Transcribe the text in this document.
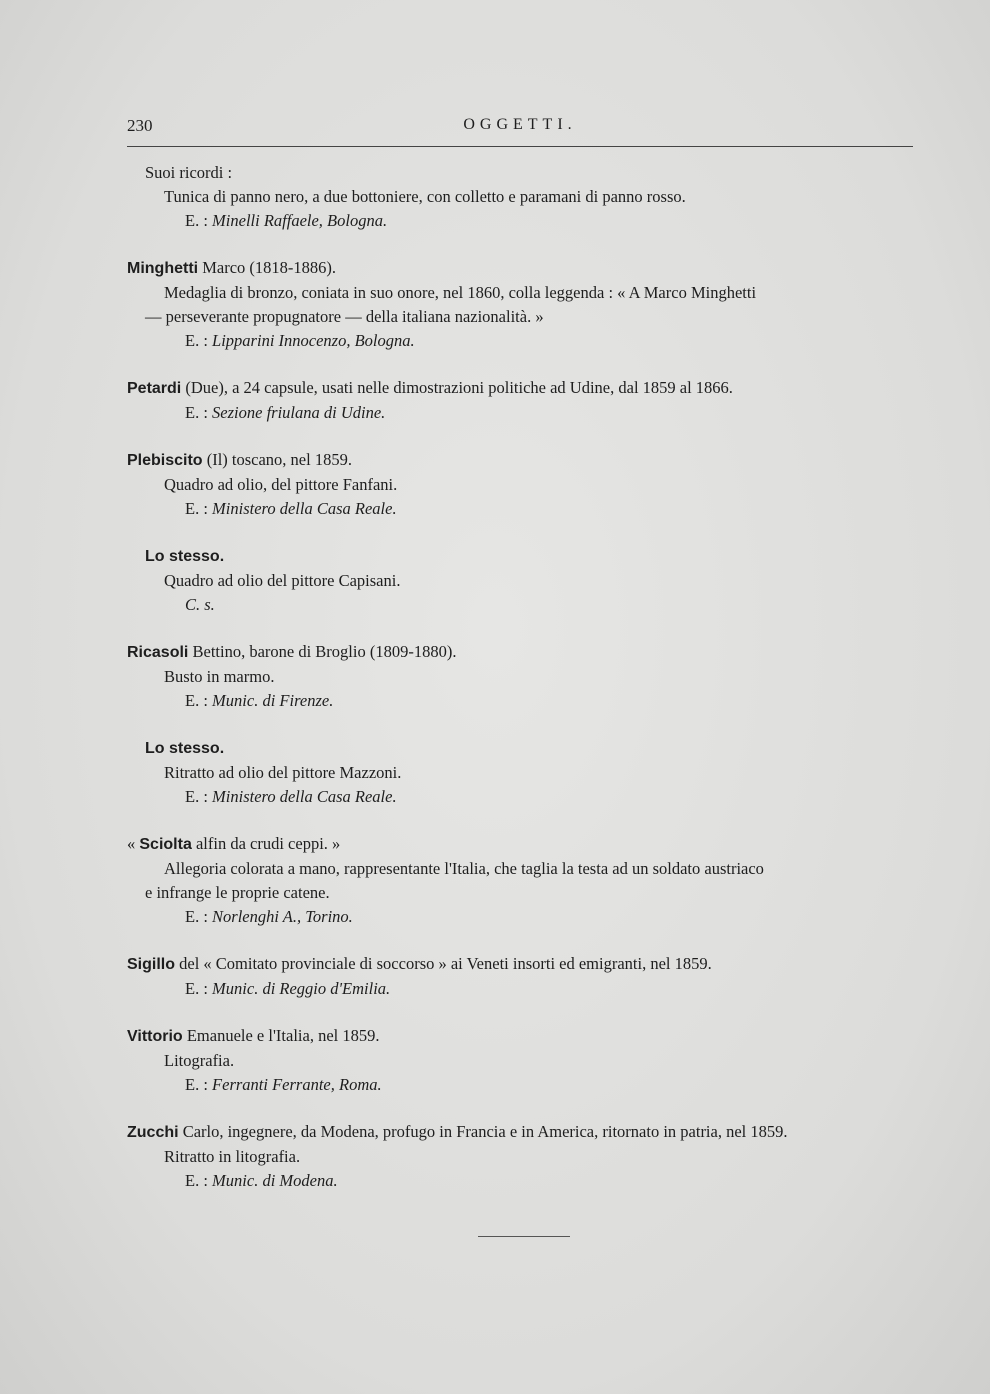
230	OGGETTI.
Suoi ricordi :
Tunica di panno nero, a due bottoniere, con colletto e paramani di panno rosso.
E. : Minelli Raffaele, Bologna.
Minghetti Marco (1818-1886).
Medaglia di bronzo, coniata in suo onore, nel 1860, colla leggenda : « A Marco Minghetti
— perseverante propugnatore — della italiana nazionalità. »
E. : Lipparini Innocenzo, Bologna.
Petardi (Due), a 24 capsule, usati nelle dimostrazioni politiche ad Udine, dal 1859 al 1866.
E. : Sezione friulana di Udine.
Plebiscito (Il) toscano, nel 1859.
Quadro ad olio, del pittore Fanfani.
E. : Ministero della Casa Reale.
Lo stesso.
Quadro ad olio del pittore Capisani.
C. s.
Ricasoli Bettino, barone di Broglio (1809-1880).
Busto in marmo.
E. : Munic. di Firenze.
Lo stesso.
Ritratto ad olio del pittore Mazzoni.
E. : Ministero della Casa Reale.
« Sciolta alfin da crudi ceppi. »
Allegoria colorata a mano, rappresentante l'Italia, che taglia la testa ad un soldato austriaco
e infrange le proprie catene.
E. : Norlenghi A., Torino.
Sigillo del « Comitato provinciale di soccorso » ai Veneti insorti ed emigranti, nel 1859.
E. : Munic. di Reggio d'Emilia.
Vittorio Emanuele e l'Italia, nel 1859.
Litografia.
E. : Ferranti Ferrante, Roma.
Zucchi Carlo, ingegnere, da Modena, profugo in Francia e in America, ritornato in patria, nel 1859.
Ritratto in litografia.
E. : Munic. di Modena.
